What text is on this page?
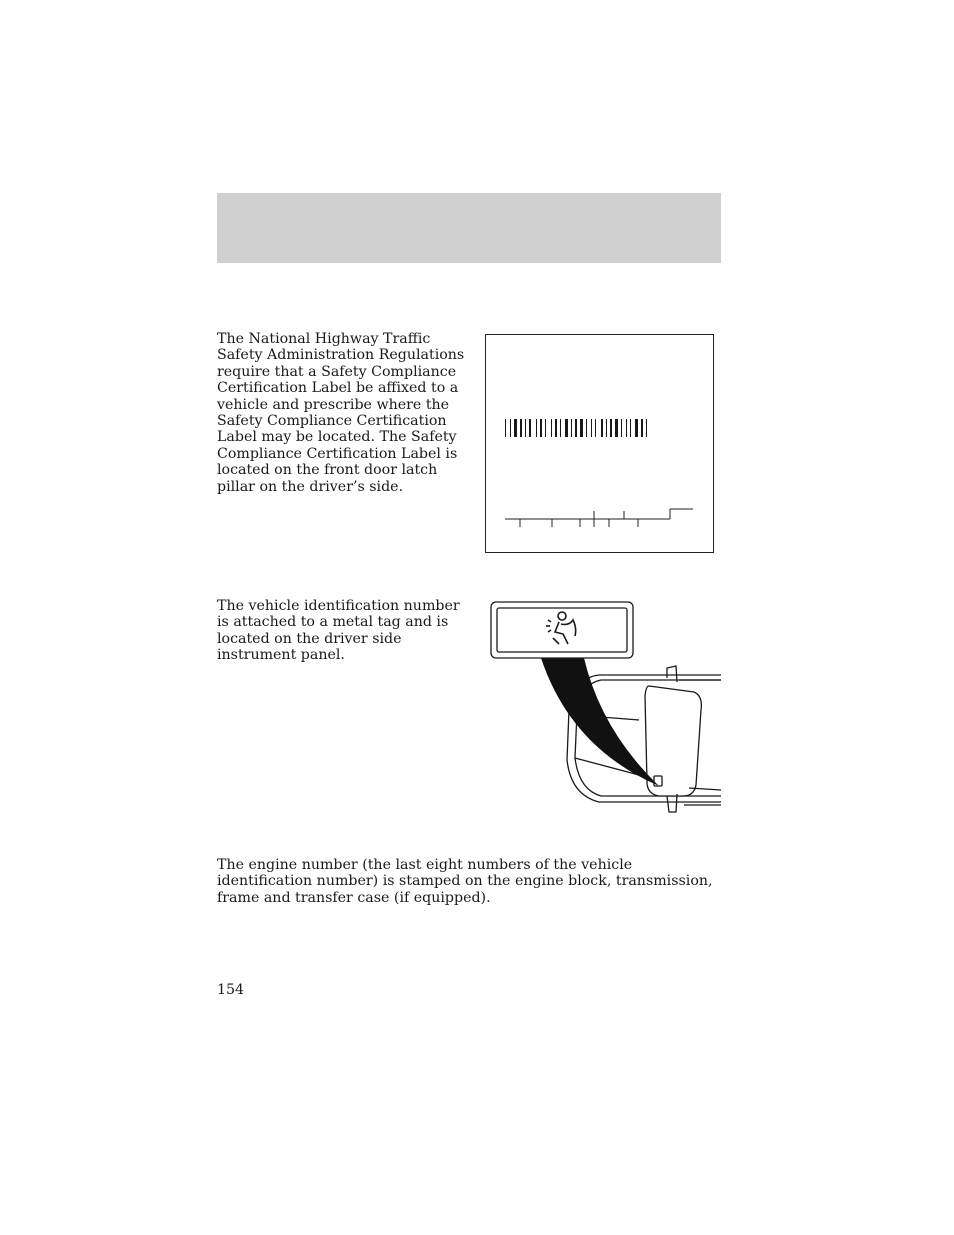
The National Highway Traffic Safety Administration Regulations require that a Safety Compliance Certification Label be affixed to a vehicle and prescribe where the Safety Compliance Certification Label may be located. The Safety Compliance Certification Label is located on the front door latch pillar on the driver’s side.

The vehicle identification number is attached to a metal tag and is located on the driver side instrument panel.

The engine number (the last eight numbers of the vehicle identification number) is stamped on the engine block, transmission, frame and transfer case (if equipped).

154
